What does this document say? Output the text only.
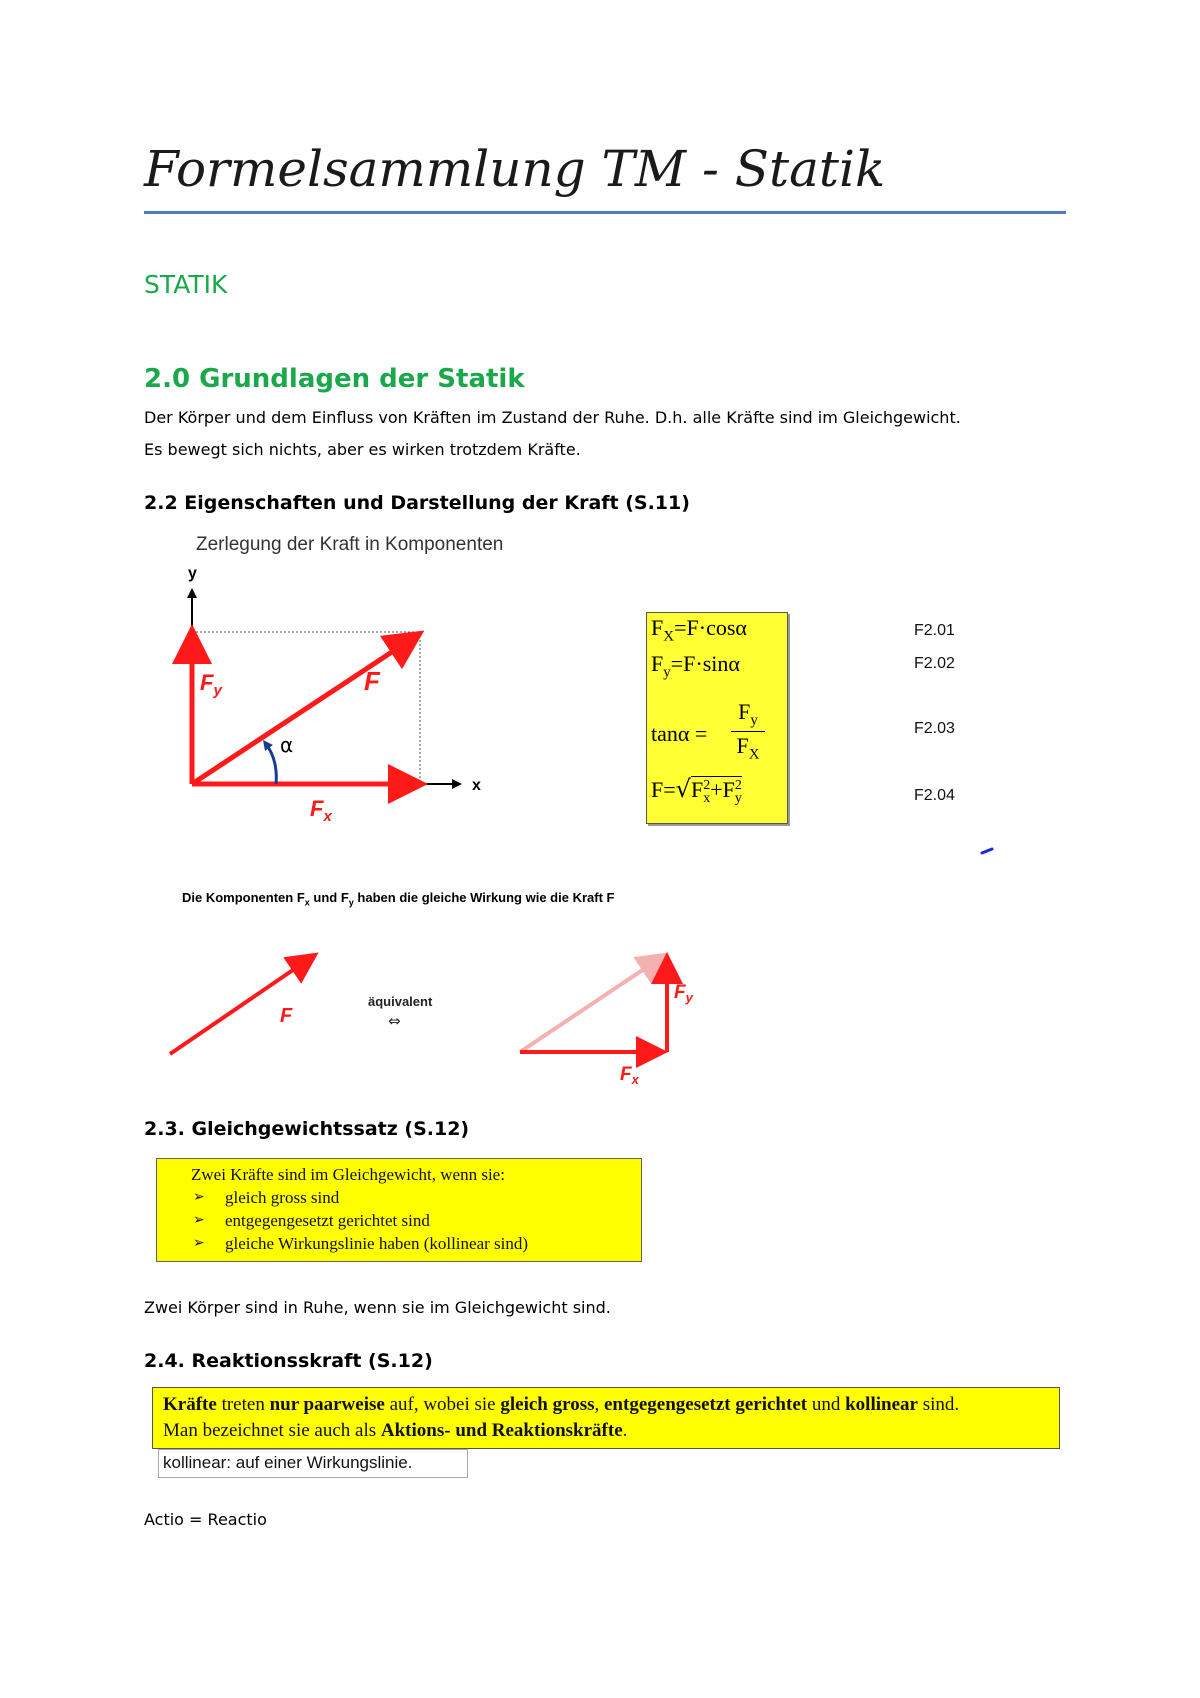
Formelsammlung TM - Statik
STATIK
2.0 Grundlagen der Statik
Der Körper und dem Einfluss von Kräften im Zustand der Ruhe. D.h. alle Kräfte sind im Gleichgewicht.
Es bewegt sich nichts, aber es wirken trotzdem Kräfte.
2.2 Eigenschaften und Darstellung der Kraft (S.11)
Zerlegung der Kraft in Komponenten
y
x
α
F
$F_y$
$F_x$
$F_X=F\cdot\cos\alpha$
$F_y=F\cdot\sin\alpha$
tanα =
$F_y$
$F_X$
F=√F2
x+F2
y
F2.01
F2.02
F2.03
F2.04
Die Komponenten $F_x$ und $F_y$ haben die gleiche Wirkung wie die Kraft F
F
äquivalent
⇔
$F_y$
$F_x$
2.3. Gleichgewichtssatz (S.12)
Zwei Kräfte sind im Gleichgewicht, wenn sie:
➢ gleich gross sind
➢ entgegengesetzt gerichtet sind
➢ gleiche Wirkungslinie haben (kollinear sind)
Zwei Körper sind in Ruhe, wenn sie im Gleichgewicht sind.
2.4. Reaktionsskraft (S.12)
Kräfte treten nur paarweise auf, wobei sie gleich gross, entgegengesetzt gerichtet und kollinear sind.
Man bezeichnet sie auch als Aktions- und Reaktionskräfte.
kollinear: auf einer Wirkungslinie.
Actio = Reactio
